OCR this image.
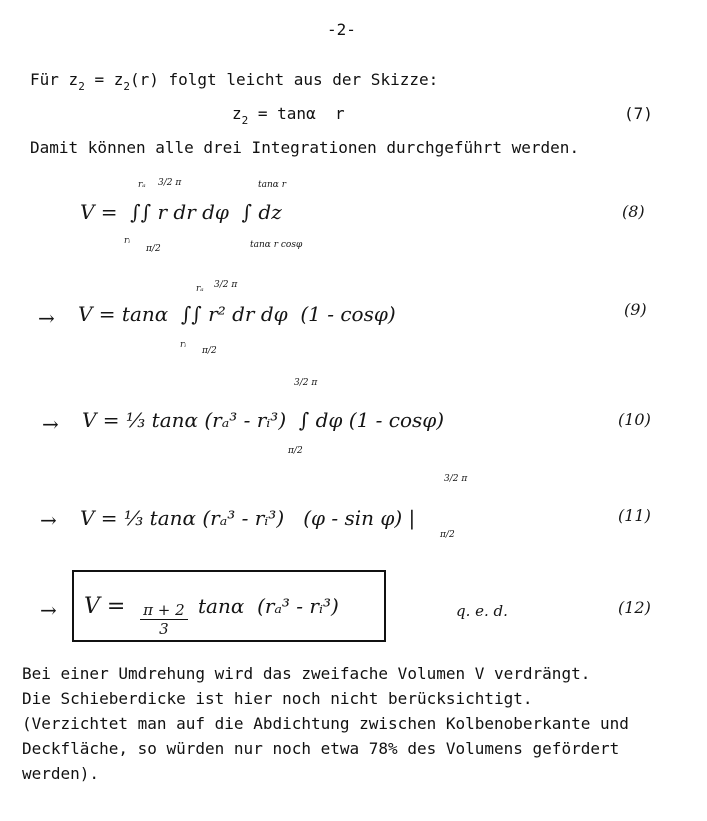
-2-
Für $z_2 = z_2(r)$ folgt leicht aus der Skizze:
$z_2 = \tan\alpha$  r	(7)
Damit können alle drei Integrationen durchgeführt werden.
V =  ∫∫ r dr dφ  ∫ dz
rₐ 3/2 π
rᵢ
π/2
tanα r
tanα r cosφ
(8)
→ V = tanα  ∫∫ r² dr dφ  (1 - cosφ)
rₐ 3/2 π
rᵢ
π/2
(9)
→ V = ⅓ tanα (rₐ³ - rᵢ³)  ∫ dφ (1 - cosφ)
3/2 π
π/2
(10)
→ V = ⅓ tanα (rₐ³ - rᵢ³)   (φ - sin φ) |
3/2 π
π/2
(11)
→ V =

$\frac{\pi + 2}{3}$ tanα  (rₐ³ - rᵢ³)	q. e. d.	(12)
Bei einer Umdrehung wird das zweifache Volumen V verdrängt.
Die Schieberdicke ist hier noch nicht berücksichtigt.
(Verzichtet man auf die Abdichtung zwischen Kolbenoberkante und
Deckfläche, so würden nur noch etwa 78% des Volumens gefördert
werden).
